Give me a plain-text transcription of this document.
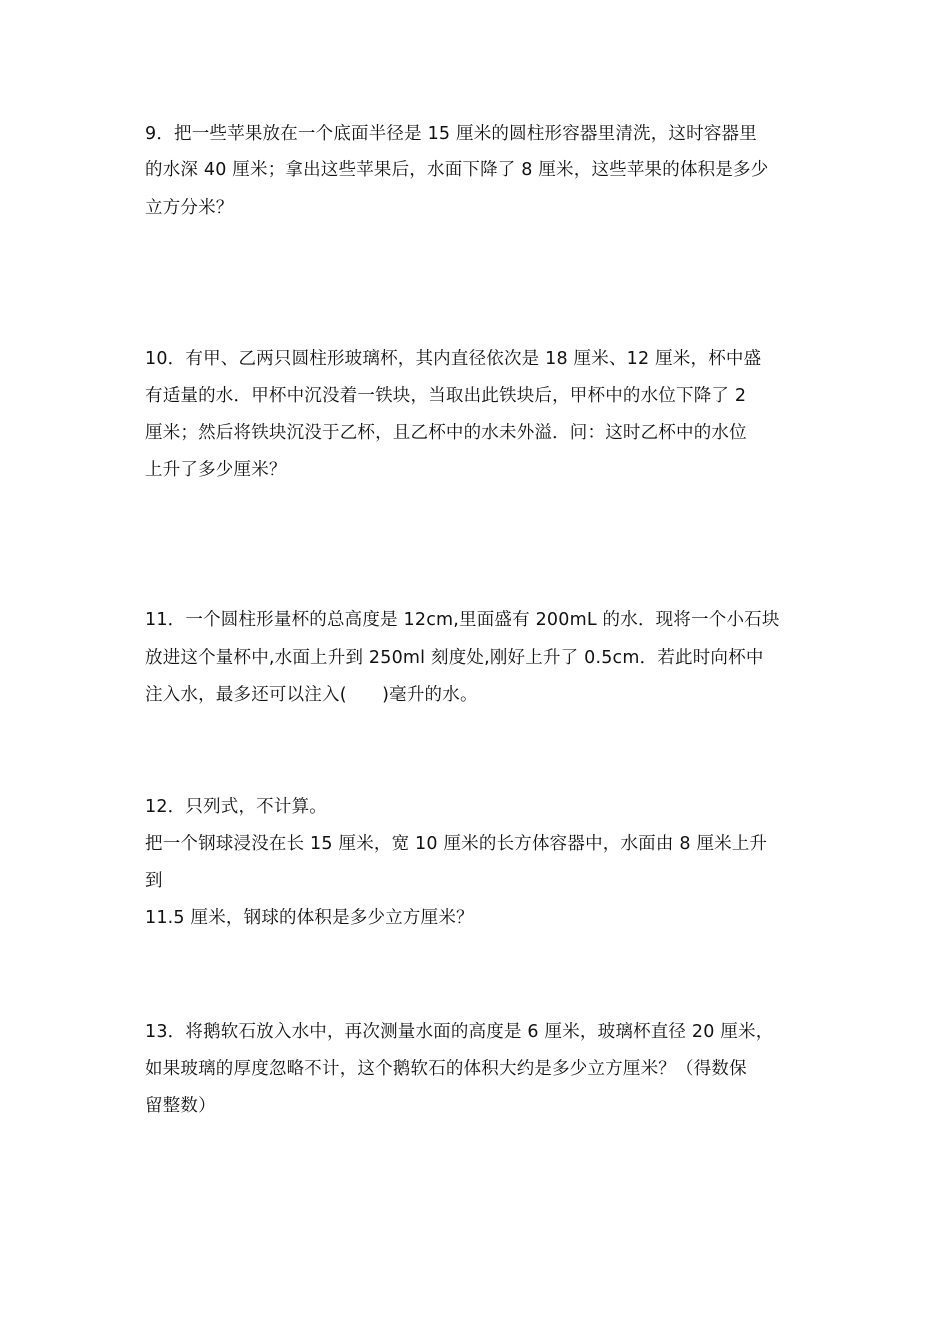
9．把一些苹果放在一个底面半径是 15 厘米的圆柱形容器里清洗，这时容器里
的水深 40 厘米；拿出这些苹果后，水面下降了 8 厘米，这些苹果的体积是多少
立方分米？
10．有甲、乙两只圆柱形玻璃杯，其内直径依次是 18 厘米、12 厘米，杯中盛
有适量的水．甲杯中沉没着一铁块，当取出此铁块后，甲杯中的水位下降了 2
厘米；然后将铁块沉没于乙杯，且乙杯中的水未外溢．问：这时乙杯中的水位
上升了多少厘米？
11．一个圆柱形量杯的总高度是 12cm,里面盛有 200mL 的水．现将一个小石块
放进这个量杯中,水面上升到 250ml 刻度处,刚好上升了 0.5cm．若此时向杯中
注入水，最多还可以注入(　　)毫升的水。
12．只列式，不计算。
把一个钢球浸没在长 15 厘米，宽 10 厘米的长方体容器中，水面由 8 厘米上升
到
11.5 厘米，钢球的体积是多少立方厘米？
13．将鹅软石放入水中，再次测量水面的高度是 6 厘米，玻璃杯直径 20 厘米，
如果玻璃的厚度忽略不计，这个鹅软石的体积大约是多少立方厘米？（得数保
留整数）
